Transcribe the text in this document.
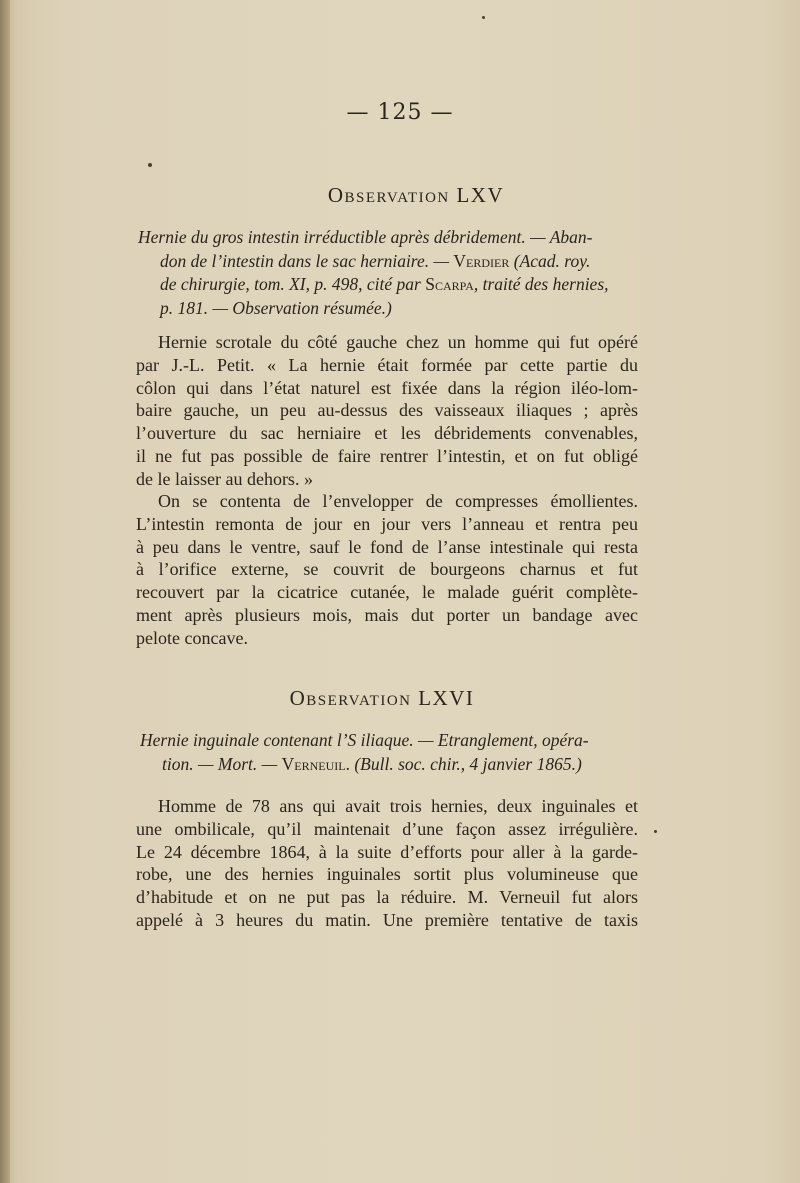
— 125 —
Observation LXV
Hernie du gros intestin irréductible après débridement. — Aban-
don de l’intestin dans le sac herniaire. — Verdier (Acad. roy.
de chirurgie, tom. XI, p. 498, cité par Scarpa, traité des hernies,
p. 181. — Observation résumée.)
Hernie scrotale du côté gauche chez un homme qui fut opéré
par J.-L. Petit. « La hernie était formée par cette partie du
côlon qui dans l’état naturel est fixée dans la région iléo-lom-
baire gauche, un peu au-dessus des vaisseaux iliaques ; après
l’ouverture du sac herniaire et les débridements convenables,
il ne fut pas possible de faire rentrer l’intestin, et on fut obligé
de le laisser au dehors. »
On se contenta de l’envelopper de compresses émollientes.
L’intestin remonta de jour en jour vers l’anneau et rentra peu
à peu dans le ventre, sauf le fond de l’anse intestinale qui resta
à l’orifice externe, se couvrit de bourgeons charnus et fut
recouvert par la cicatrice cutanée, le malade guérit complète-
ment après plusieurs mois, mais dut porter un bandage avec
pelote concave.
Observation LXVI
Hernie inguinale contenant l’S iliaque. — Etranglement, opéra-
tion. — Mort. — Verneuil. (Bull. soc. chir., 4 janvier 1865.)
Homme de 78 ans qui avait trois hernies, deux inguinales et
une ombilicale, qu’il maintenait d’une façon assez irrégulière.
Le 24 décembre 1864, à la suite d’efforts pour aller à la garde-
robe, une des hernies inguinales sortit plus volumineuse que
d’habitude et on ne put pas la réduire. M. Verneuil fut alors
appelé à 3 heures du matin. Une première tentative de taxis
